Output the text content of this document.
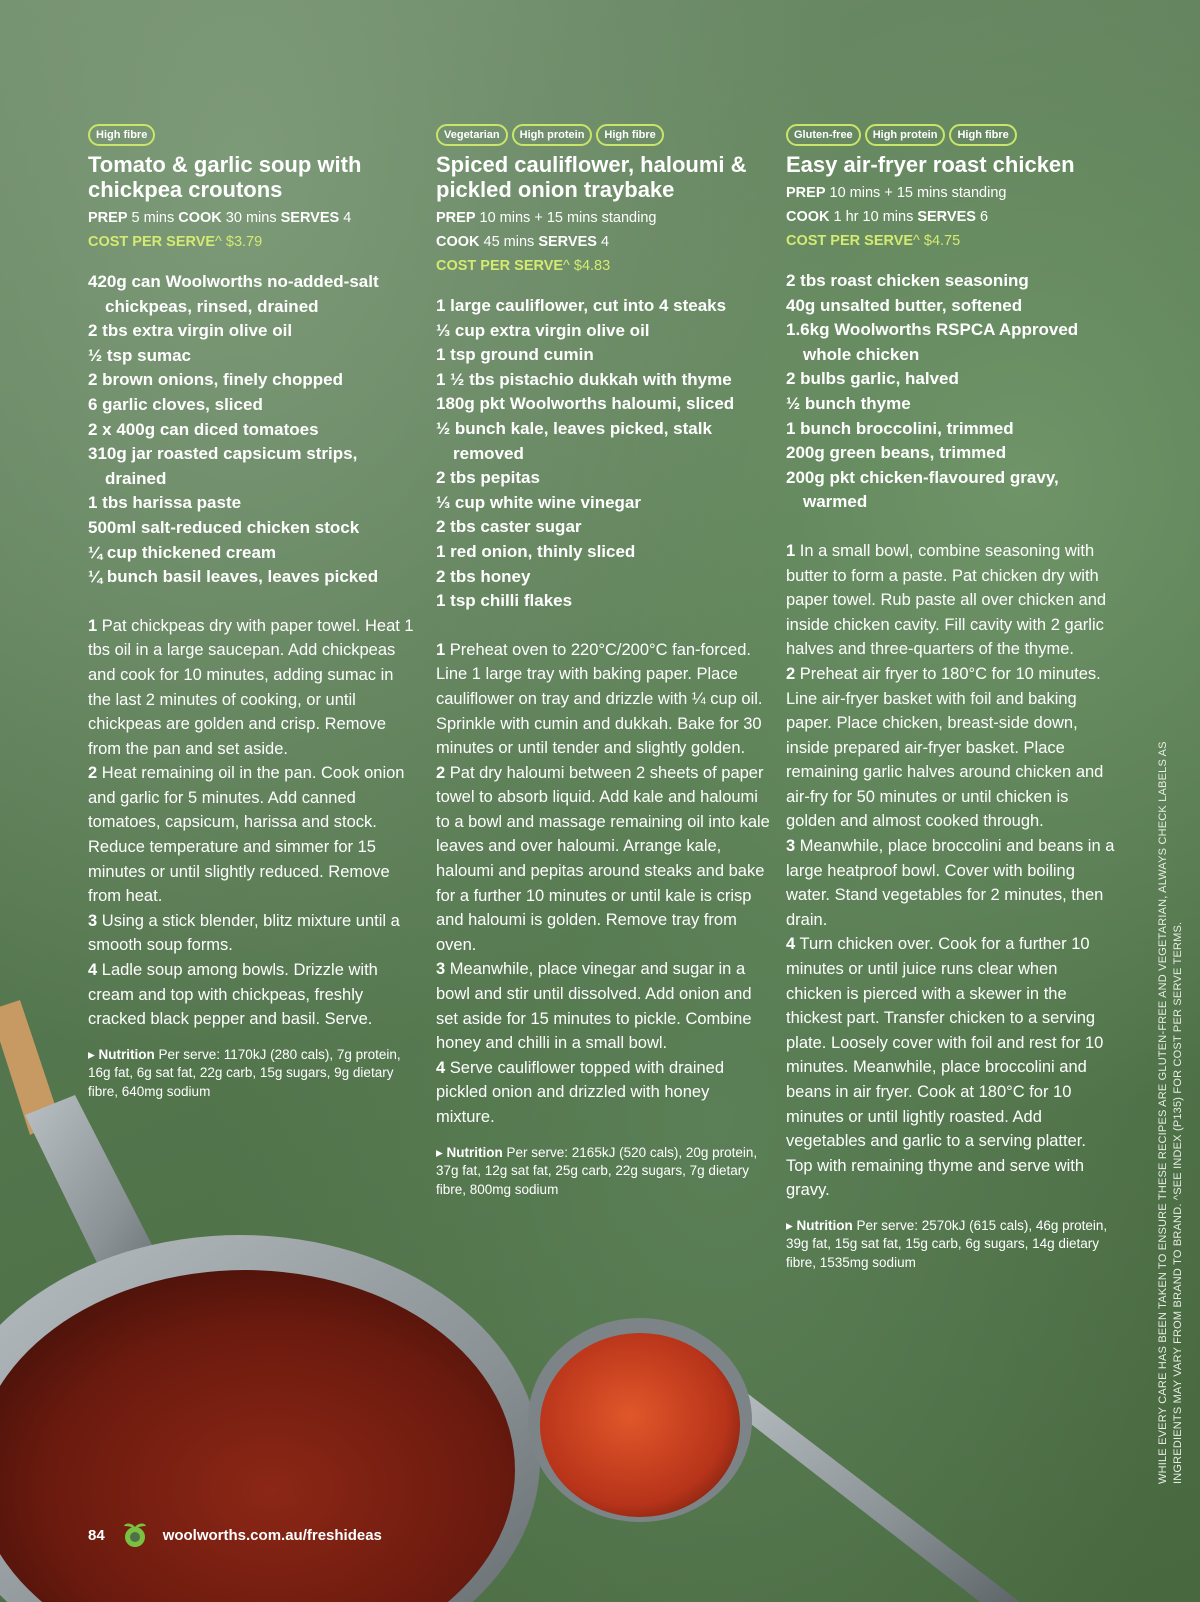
High fibre
Tomato & garlic soup with chickpea croutons
PREP 5 mins COOK 30 mins SERVES 4
COST PER SERVE^ $3.79
420g can Woolworths no-added-salt chickpeas, rinsed, drained
2 tbs extra virgin olive oil
½ tsp sumac
2 brown onions, finely chopped
6 garlic cloves, sliced
2 x 400g can diced tomatoes
310g jar roasted capsicum strips, drained
1 tbs harissa paste
500ml salt-reduced chicken stock
¼ cup thickened cream
¼ bunch basil leaves, leaves picked

1 Pat chickpeas dry with paper towel. Heat 1 tbs oil in a large saucepan. Add chickpeas and cook for 10 minutes, adding sumac in the last 2 minutes of cooking, or until chickpeas are golden and crisp. Remove from the pan and set aside.

2 Heat remaining oil in the pan. Cook onion and garlic for 5 minutes. Add canned tomatoes, capsicum, harissa and stock. Reduce temperature and simmer for 15 minutes or until slightly reduced. Remove from heat.

3 Using a stick blender, blitz mixture until a smooth soup forms.

4 Ladle soup among bowls. Drizzle with cream and top with chickpeas, freshly cracked black pepper and basil. Serve.

▸ Nutrition Per serve: 1170kJ (280 cals), 7g protein, 16g fat, 6g sat fat, 22g carb, 15g sugars, 9g dietary fibre, 640mg sodium
Vegetarian	High protein	High fibre
Spiced cauliflower, haloumi & pickled onion traybake
PREP 10 mins + 15 mins standing
COOK 45 mins SERVES 4
COST PER SERVE^ $4.83
1 large cauliflower, cut into 4 steaks
⅓ cup extra virgin olive oil
1 tsp ground cumin
1 ½ tbs pistachio dukkah with thyme
180g pkt Woolworths haloumi, sliced
½ bunch kale, leaves picked, stalk removed
2 tbs pepitas
⅓ cup white wine vinegar
2 tbs caster sugar
1 red onion, thinly sliced
2 tbs honey
1 tsp chilli flakes

1 Preheat oven to 220°C/200°C fan-forced. Line 1 large tray with baking paper. Place cauliflower on tray and drizzle with ¼ cup oil. Sprinkle with cumin and dukkah. Bake for 30 minutes or until tender and slightly golden.

2 Pat dry haloumi between 2 sheets of paper towel to absorb liquid. Add kale and haloumi to a bowl and massage remaining oil into kale leaves and over haloumi. Arrange kale, haloumi and pepitas around steaks and bake for a further 10 minutes or until kale is crisp and haloumi is golden. Remove tray from oven.

3 Meanwhile, place vinegar and sugar in a bowl and stir until dissolved. Add onion and set aside for 15 minutes to pickle. Combine honey and chilli in a small bowl.

4 Serve cauliflower topped with drained pickled onion and drizzled with honey mixture.

▸ Nutrition Per serve: 2165kJ (520 cals), 20g protein, 37g fat, 12g sat fat, 25g carb, 22g sugars, 7g dietary fibre, 800mg sodium
Gluten-free	High protein	High fibre
Easy air-fryer roast chicken
PREP 10 mins + 15 mins standing
COOK 1 hr 10 mins SERVES 6
COST PER SERVE^ $4.75
2 tbs roast chicken seasoning
40g unsalted butter, softened
1.6kg Woolworths RSPCA Approved whole chicken
2 bulbs garlic, halved
½ bunch thyme
1 bunch broccolini, trimmed
200g green beans, trimmed
200g pkt chicken-flavoured gravy, warmed

1 In a small bowl, combine seasoning with butter to form a paste. Pat chicken dry with paper towel. Rub paste all over chicken and inside chicken cavity. Fill cavity with 2 garlic halves and three-quarters of the thyme.

2 Preheat air fryer to 180°C for 10 minutes. Line air-fryer basket with foil and baking paper. Place chicken, breast-side down, inside prepared air-fryer basket. Place remaining garlic halves around chicken and air-fry for 50 minutes or until chicken is golden and almost cooked through.

3 Meanwhile, place broccolini and beans in a large heatproof bowl. Cover with boiling water. Stand vegetables for 2 minutes, then drain.

4 Turn chicken over. Cook for a further 10 minutes or until juice runs clear when chicken is pierced with a skewer in the thickest part. Transfer chicken to a serving plate. Loosely cover with foil and rest for 10 minutes. Meanwhile, place broccolini and beans in air fryer. Cook at 180°C for 10 minutes or until lightly roasted. Add vegetables and garlic to a serving platter. Top with remaining thyme and serve with gravy.

▸ Nutrition Per serve: 2570kJ (615 cals), 46g protein, 39g fat, 15g sat fat, 15g carb, 6g sugars, 14g dietary fibre, 1535mg sodium	WHILE EVERY CARE HAS BEEN TAKEN TO ENSURE THESE RECIPES ARE GLUTEN-FREE AND VEGETARIAN, ALWAYS CHECK LABELS AS INGREDIENTS MAY VARY FROM BRAND TO BRAND. ^SEE INDEX (P135) FOR COST PER SERVE TERMS.
84	woolworths.com.au/freshideas
